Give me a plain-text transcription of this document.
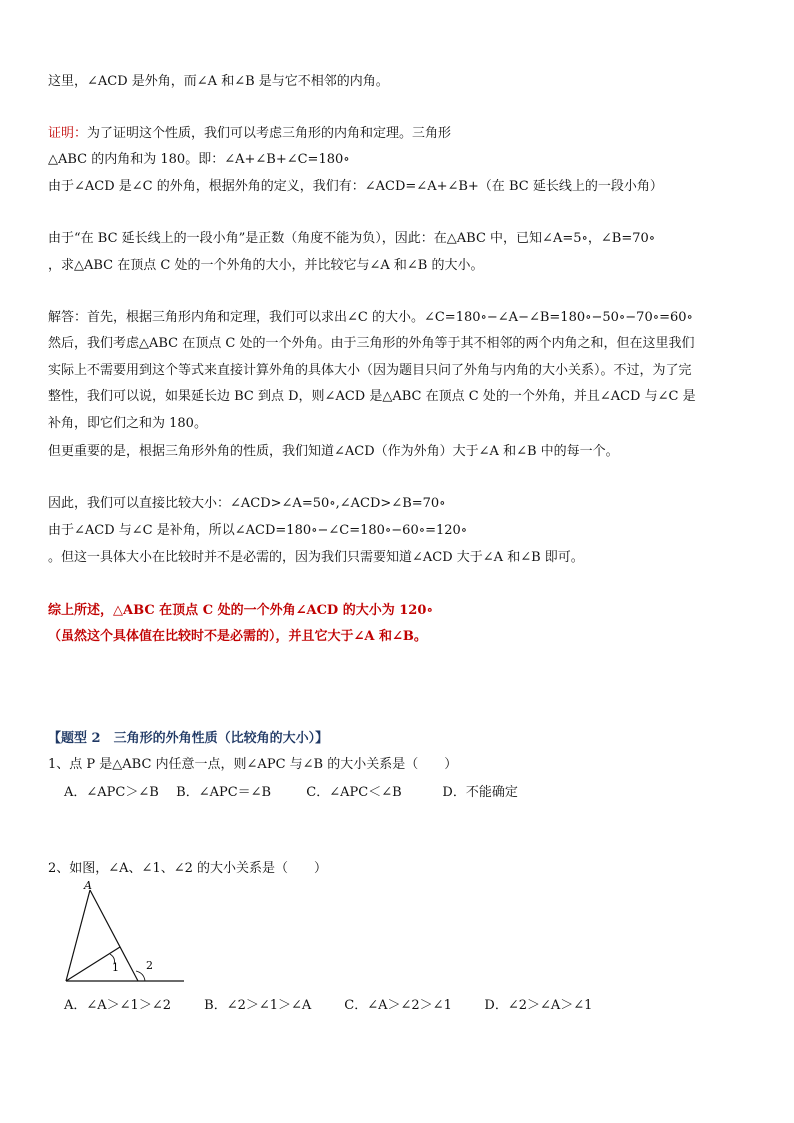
这里，∠ACD 是外角，而∠A 和∠B 是与它不相邻的内角。
证明：为了证明这个性质，我们可以考虑三角形的内角和定理。三角形
△ABC 的内角和为 180。即：∠A+∠B+∠C=180∘
由于∠ACD 是∠C 的外角，根据外角的定义，我们有：∠ACD=∠A+∠B+（在 BC 延长线上的一段小角）
由于“在 BC 延长线上的一段小角”是正数（角度不能为负），因此：在△ABC 中，已知∠A=5∘，∠B=70∘
，求△ABC 在顶点 C 处的一个外角的大小，并比较它与∠A 和∠B 的大小。
解答：首先，根据三角形内角和定理，我们可以求出∠C 的大小。∠C=180∘−∠A−∠B=180∘−50∘−70∘=60∘
然后，我们考虑△ABC 在顶点 C 处的一个外角。由于三角形的外角等于其不相邻的两个内角之和，但在这里我们
实际上不需要用到这个等式来直接计算外角的具体大小（因为题目只问了外角与内角的大小关系）。不过，为了完
整性，我们可以说，如果延长边 BC 到点 D，则∠ACD 是△ABC 在顶点 C 处的一个外角，并且∠ACD 与∠C 是
补角，即它们之和为 180。
但更重要的是，根据三角形外角的性质，我们知道∠ACD（作为外角）大于∠A 和∠B 中的每一个。
因此，我们可以直接比较大小：∠ACD>∠A=50∘,∠ACD>∠B=70∘
由于∠ACD 与∠C 是补角，所以∠ACD=180∘−∠C=180∘−60∘=120∘
。但这一具体大小在比较时并不是必需的，因为我们只需要知道∠ACD 大于∠A 和∠B 即可。
综上所述，△ABC 在顶点 C 处的一个外角∠ACD 的大小为 120∘
（虽然这个具体值在比较时不是必需的），并且它大于∠A 和∠B。
【题型 2　三角形的外角性质（比较角的大小）】
1、点 P 是△ABC 内任意一点，则∠APC 与∠B 的大小关系是（　　）
A．∠APC＞∠B B．∠APC＝∠B	C．∠APC＜∠B	D．不能确定
2、如图，∠A、∠1、∠2 的大小关系是（　　）
A
1 2
A．∠A＞∠1＞∠2	B．∠2＞∠1＞∠A	C．∠A＞∠2＞∠1	D．∠2＞∠A＞∠1
